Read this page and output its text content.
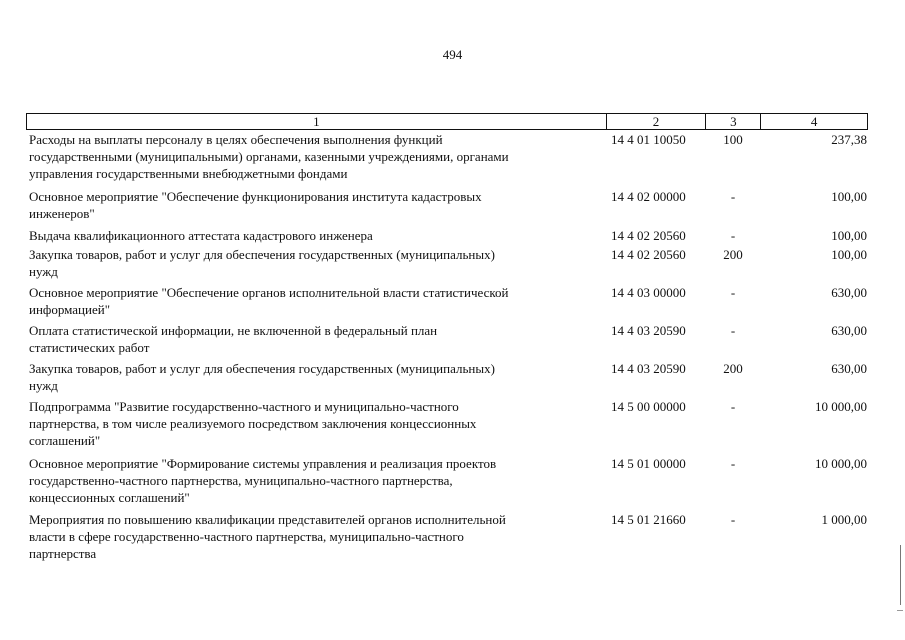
494
1	2	3	4
Расходы на выплаты персоналу в целях обеспечения выполнения функций
государственными (муниципальными) органами, казенными учреждениями, органами
управления государственными внебюджетными фондами
14 4 01 10050	100	237,38
Основное мероприятие "Обеспечение функционирования института кадастровых
инженеров"
14 4 02 00000	-	100,00
Выдача квалификационного аттестата кадастрового инженера	14 4 02 20560	-	100,00
Закупка товаров, работ и услуг для обеспечения государственных (муниципальных)
нужд
14 4 02 20560	200	100,00
Основное мероприятие "Обеспечение органов исполнительной власти статистической
информацией"
14 4 03 00000	-	630,00
Оплата статистической информации, не включенной в федеральный план
статистических работ
14 4 03 20590	-	630,00
Закупка товаров, работ и услуг для обеспечения государственных (муниципальных)
нужд
14 4 03 20590	200	630,00
Подпрограмма "Развитие государственно-частного и муниципально-частного
партнерства, в том числе реализуемого посредством заключения концессионных
соглашений"
14 5 00 00000	-	10 000,00
Основное мероприятие "Формирование системы управления и реализация проектов
государственно-частного партнерства, муниципально-частного партнерства,
концессионных соглашений"
14 5 01 00000	-	10 000,00
Мероприятия по повышению квалификации представителей органов исполнительной
власти в сфере государственно-частного партнерства, муниципально-частного
партнерства
14 5 01 21660	-	1 000,00
